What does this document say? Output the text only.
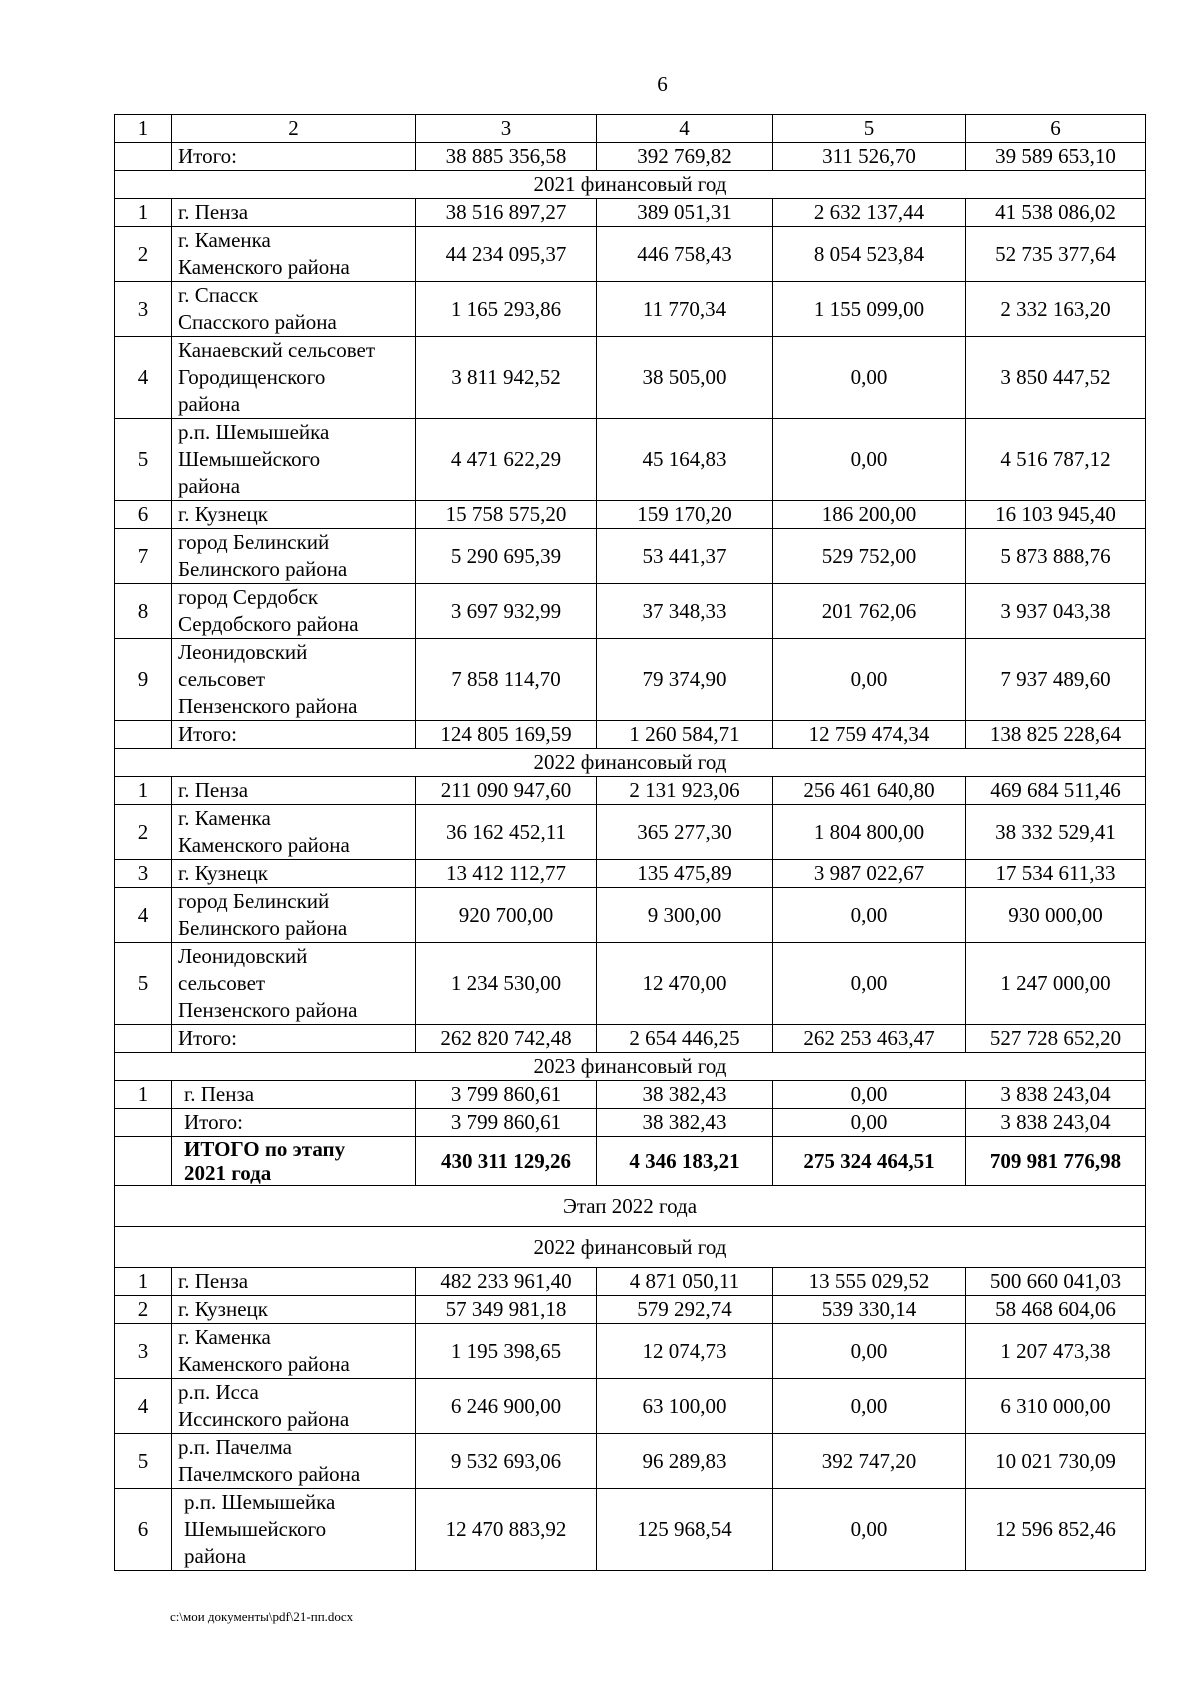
6
1	2	3	4	5	6
	Итого:	38 885 356,58	392 769,82	311 526,70	39 589 653,10
2021 финансовый год					
1	г. Пенза	38 516 897,27	389 051,31	2 632 137,44	41 538 086,02
2	г. Каменка
Каменского района	44 234 095,37	446 758,43	8 054 523,84	52 735 377,64
3	г. Спасск
Спасского района	1 165 293,86	11 770,34	1 155 099,00	2 332 163,20
4	Канаевский сельсовет
Городищенского
района	3 811 942,52	38 505,00	0,00	3 850 447,52
5	р.п. Шемышейка
Шемышейского
района	4 471 622,29	45 164,83	0,00	4 516 787,12
6	г. Кузнецк	15 758 575,20	159 170,20	186 200,00	16 103 945,40
7	город Белинский
Белинского района	5 290 695,39	53 441,37	529 752,00	5 873 888,76
8	город Сердобск
Сердобского района	3 697 932,99	37 348,33	201 762,06	3 937 043,38
9	Леонидовский
сельсовет
Пензенского района	7 858 114,70	79 374,90	0,00	7 937 489,60
	Итого:	124 805 169,59	1 260 584,71	12 759 474,34	138 825 228,64
2022 финансовый год					
1	г. Пенза	211 090 947,60	2 131 923,06	256 461 640,80	469 684 511,46
2	г. Каменка
Каменского района	36 162 452,11	365 277,30	1 804 800,00	38 332 529,41
3	г. Кузнецк	13 412 112,77	135 475,89	3 987 022,67	17 534 611,33
4	город Белинский
Белинского района	920 700,00	9 300,00	0,00	930 000,00
5	Леонидовский
сельсовет
Пензенского района	1 234 530,00	12 470,00	0,00	1 247 000,00
	Итого:	262 820 742,48	2 654 446,25	262 253 463,47	527 728 652,20
2023 финансовый год					
1	г. Пенза	3 799 860,61	38 382,43	0,00	3 838 243,04
	Итого:	3 799 860,61	38 382,43	0,00	3 838 243,04
	ИТОГО по этапу
2021 года	430 311 129,26	4 346 183,21	275 324 464,51	709 981 776,98
Этап 2022 года					
2022 финансовый год					
1	г. Пенза	482 233 961,40	4 871 050,11	13 555 029,52	500 660 041,03
2	г. Кузнецк	57 349 981,18	579 292,74	539 330,14	58 468 604,06
3	г. Каменка
Каменского района	1 195 398,65	12 074,73	0,00	1 207 473,38
4	р.п. Исса
Иссинского района	6 246 900,00	63 100,00	0,00	6 310 000,00
5	р.п. Пачелма
Пачелмского района	9 532 693,06	96 289,83	392 747,20	10 021 730,09
6	р.п. Шемышейка
Шемышейского
района	12 470 883,92	125 968,54	0,00	12 596 852,46
c:\мои документы\pdf\21-пп.docx
